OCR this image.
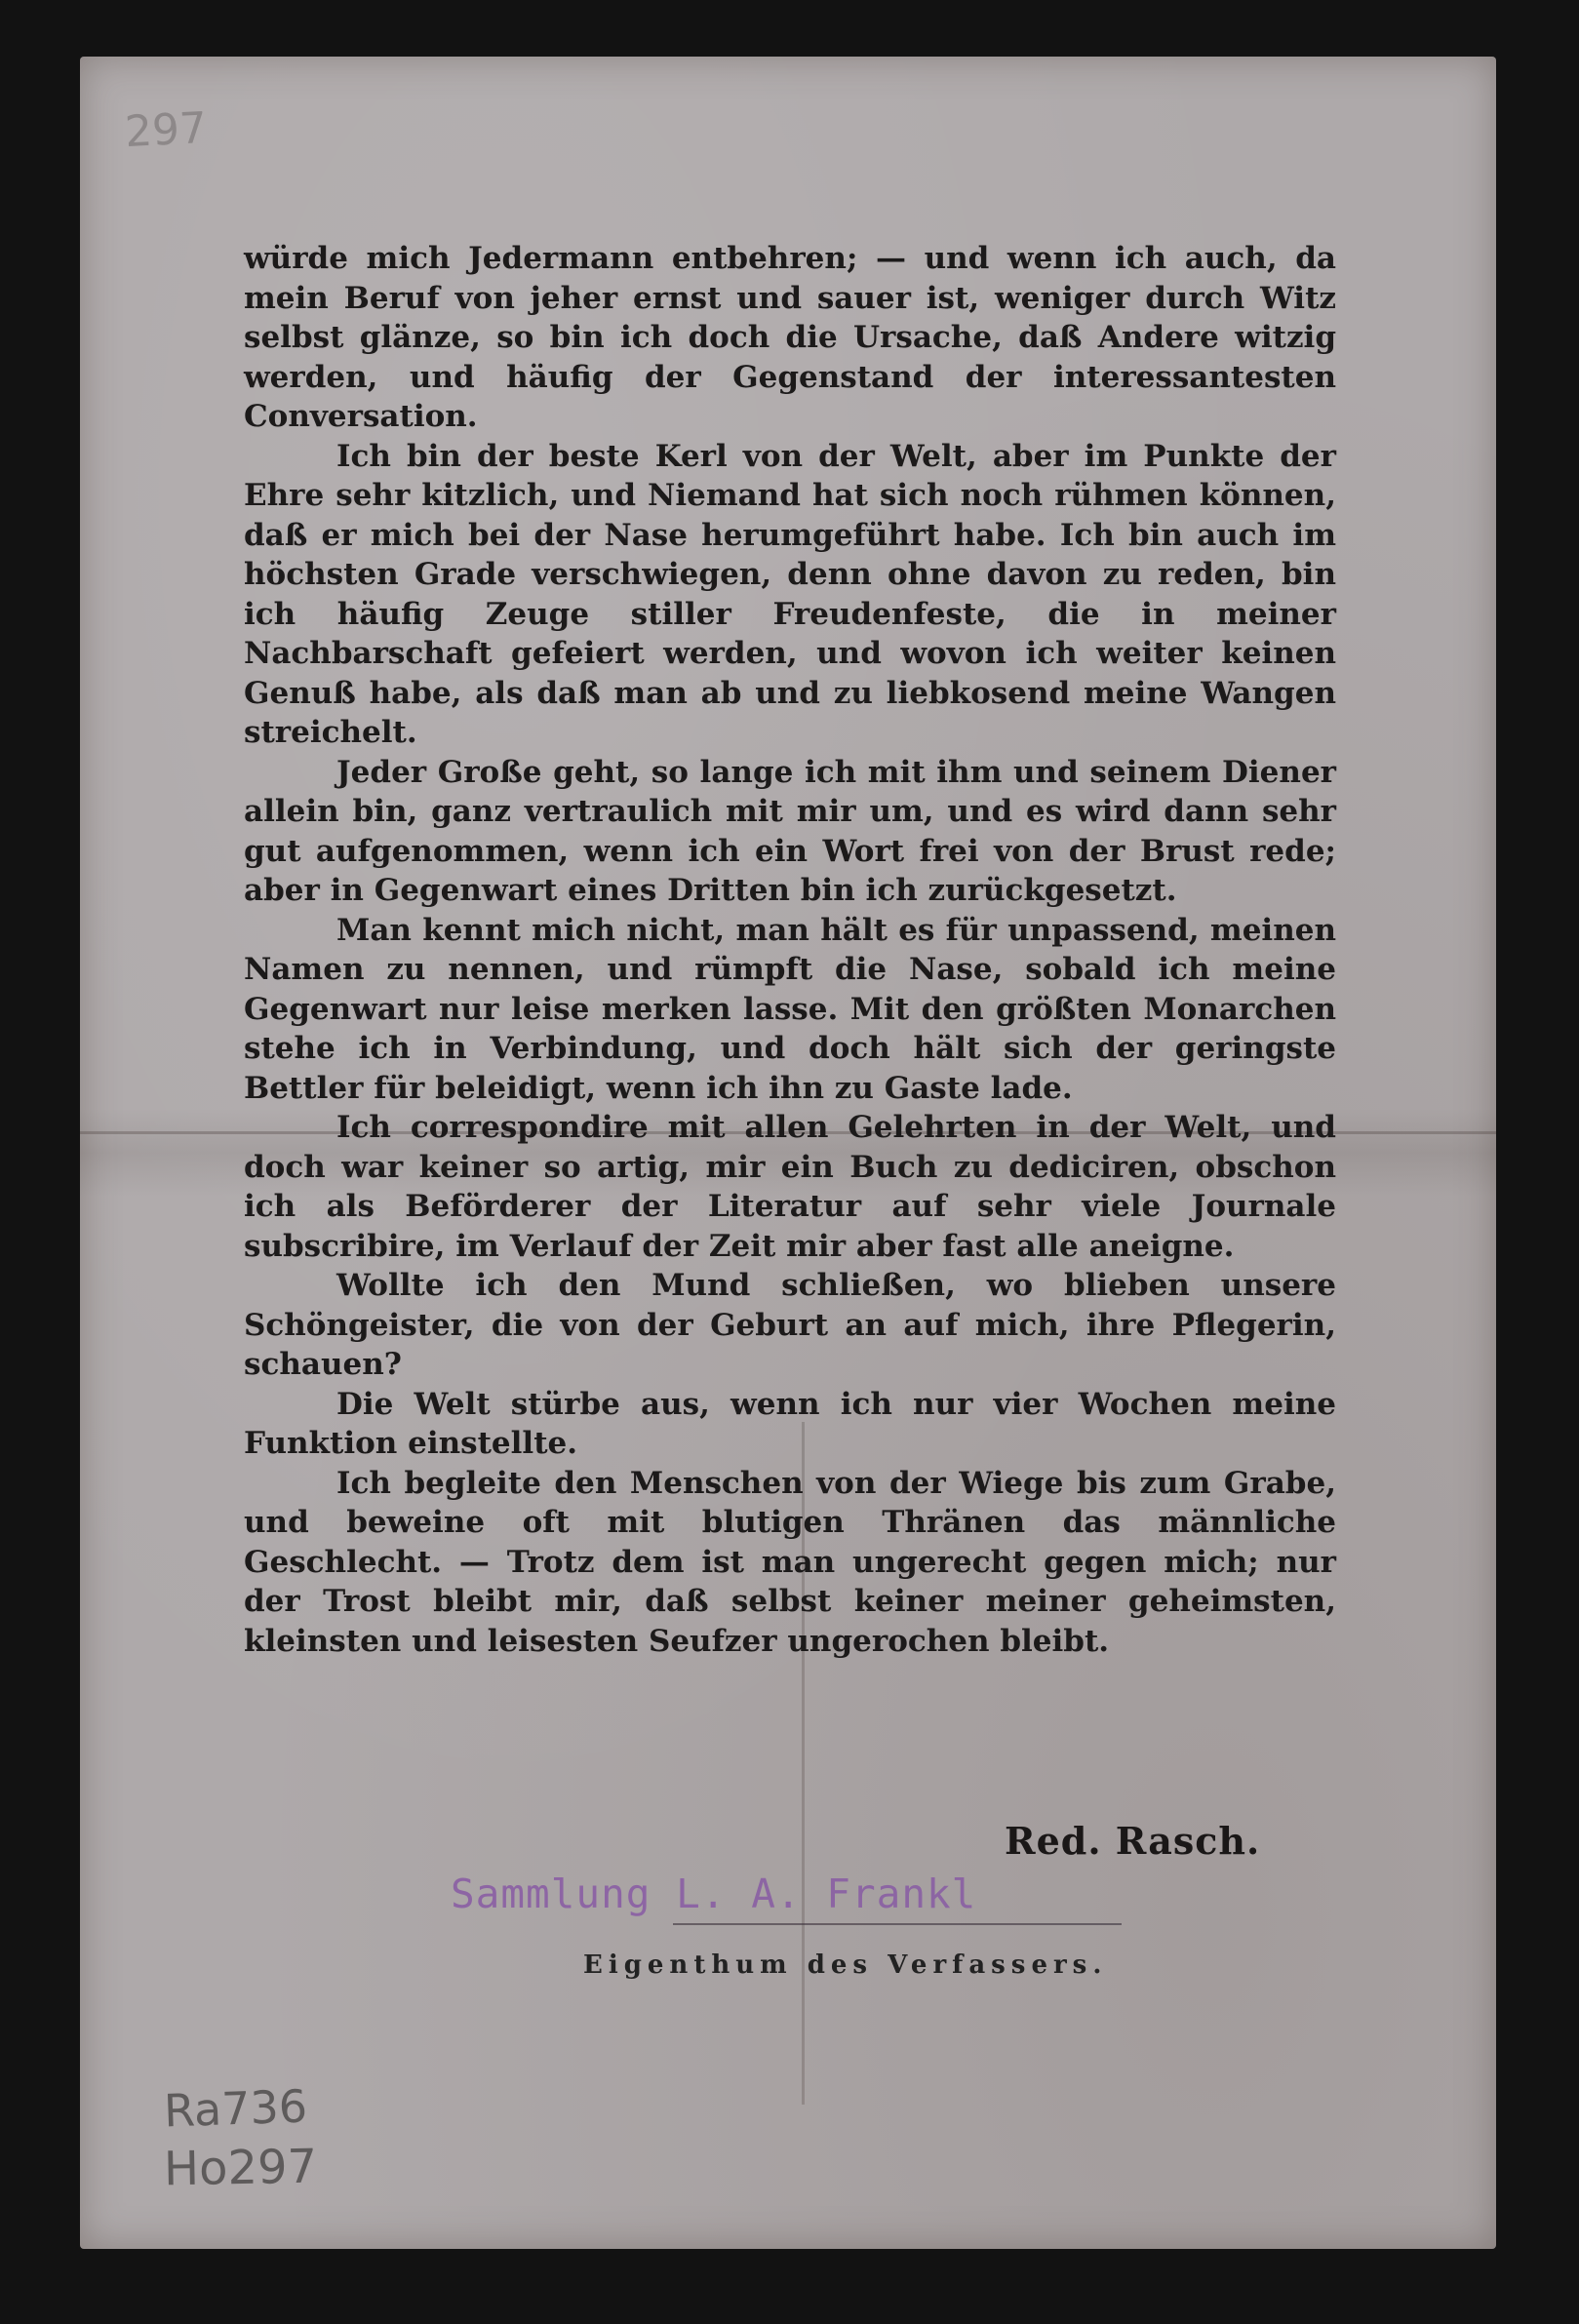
297

würde mich Jedermann entbehren; — und wenn ich auch, da mein Beruf von jeher ernst und sauer ist, weniger durch Witz selbst glänze, so bin ich doch die Ursache, daß Andere witzig werden, und häufig der Gegenstand der interessantesten Conversation.

Ich bin der beste Kerl von der Welt, aber im Punkte der Ehre sehr kitzlich, und Niemand hat sich noch rühmen können, daß er mich bei der Nase herumgeführt habe. Ich bin auch im höchsten Grade verschwiegen, denn ohne davon zu reden, bin ich häufig Zeuge stiller Freudenfeste, die in meiner Nachbarschaft gefeiert werden, und wovon ich weiter keinen Genuß habe, als daß man ab und zu liebkosend meine Wangen streichelt.

Jeder Große geht, so lange ich mit ihm und seinem Diener allein bin, ganz vertraulich mit mir um, und es wird dann sehr gut aufgenommen, wenn ich ein Wort frei von der Brust rede; aber in Gegenwart eines Dritten bin ich zurückgesetzt.

Man kennt mich nicht, man hält es für unpassend, meinen Namen zu nennen, und rümpft die Nase, sobald ich meine Gegenwart nur leise merken lasse. Mit den größten Monarchen stehe ich in Verbindung, und doch hält sich der geringste Bettler für beleidigt, wenn ich ihn zu Gaste lade.

Ich correspondire mit allen Gelehrten in der Welt, und doch war keiner so artig, mir ein Buch zu dediciren, obschon ich als Beförderer der Literatur auf sehr viele Journale subscribire, im Verlauf der Zeit mir aber fast alle aneigne.

Wollte ich den Mund schließen, wo blieben unsere Schöngeister, die von der Geburt an auf mich, ihre Pflegerin, schauen?

Die Welt stürbe aus, wenn ich nur vier Wochen meine Funktion einstellte.

Ich begleite den Menschen von der Wiege bis zum Grabe, und beweine oft mit blutigen Thränen das männliche Geschlecht. — Trotz dem ist man ungerecht gegen mich; nur der Trost bleibt mir, daß selbst keiner meiner geheimsten, kleinsten und leisesten Seufzer ungerochen bleibt.

Red. Rasch.
Sammlung L. A. Frankl
Eigenthum des Verfassers.
Ra736
Ho297
